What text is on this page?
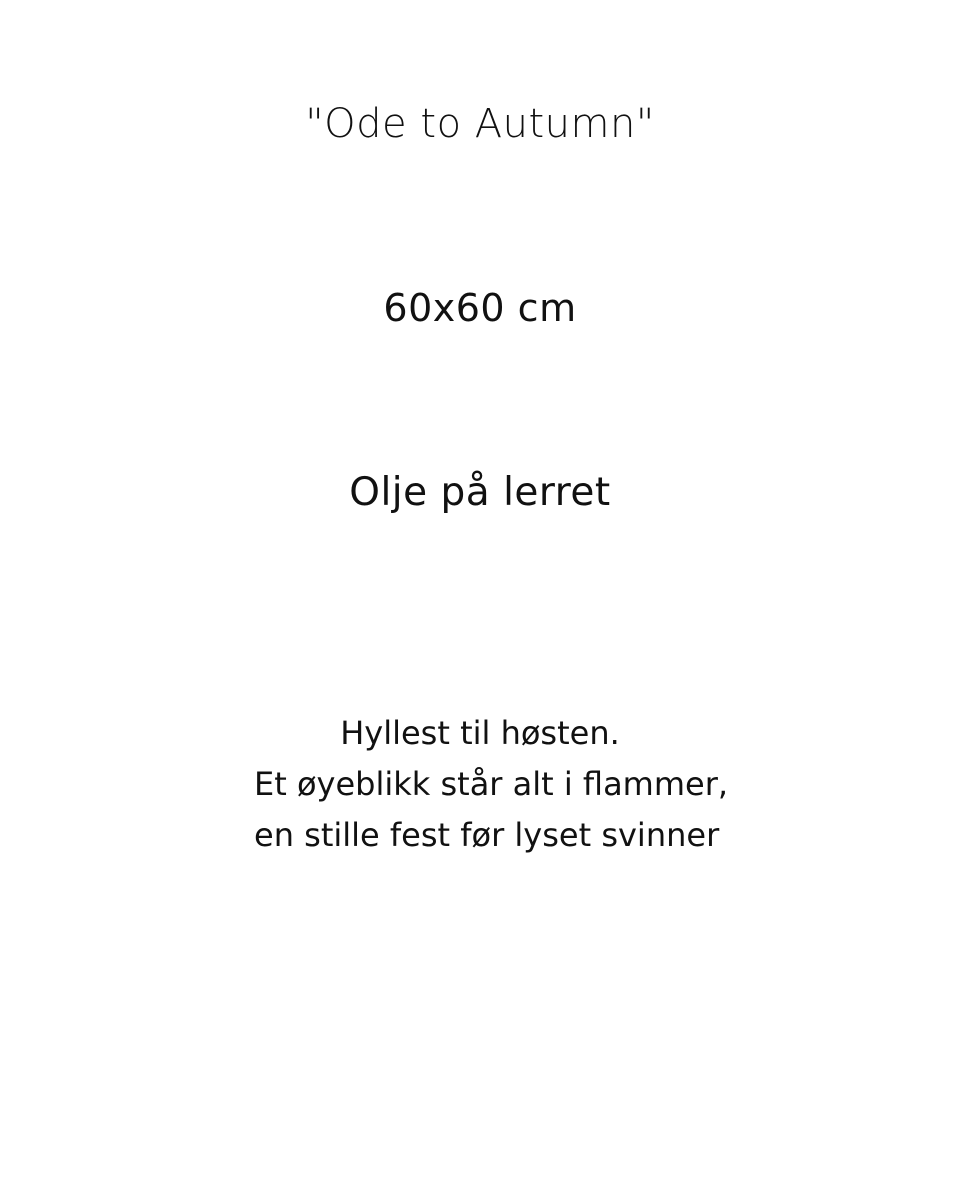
"Ode to Autumn"
60x60 cm
Olje på lerret
Hyllest til høsten.
Et øyeblikk står alt i flammer,
en stille fest før lyset svinner
